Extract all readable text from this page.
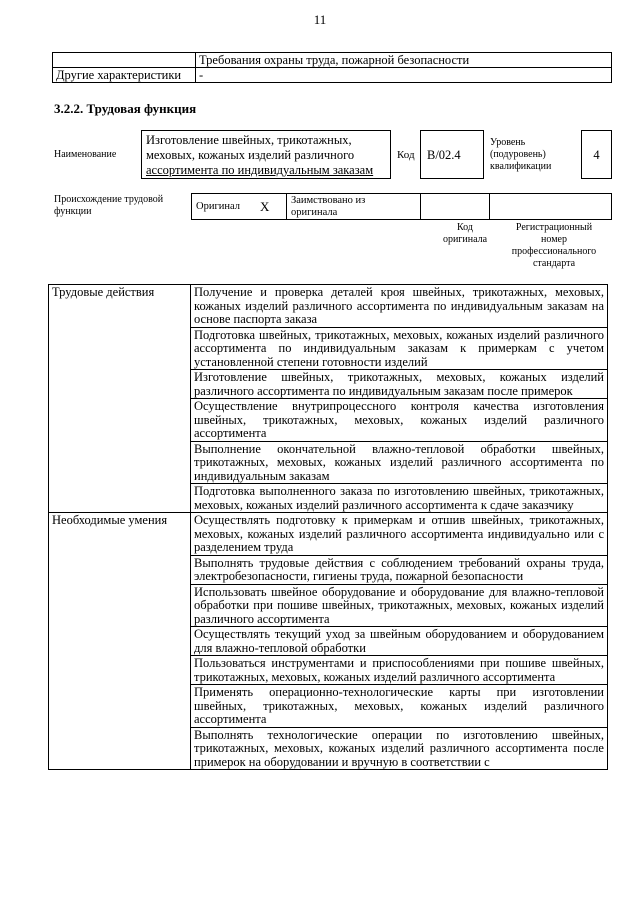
11
	Требования охраны труда, пожарной безопасности
Другие характеристики	-
3.2.2. Трудовая функция
Наименование
Изготовление швейных, трикотажных,
меховых, кожаных изделий различного
ассортимента по индивидуальным заказам
Код B/02.4
Уровень
(подуровень)
квалификации
4
Происхождение трудовой
функции	Оригинал	X	Заимствовано из
оригинала

Код
оригинала
Регистрационный
номер
профессионального
стандарта
Трудовые действия	Получение и проверка деталей кроя швейных, трикотажных, меховых, кожаных изделий различного ассортимента по индивидуальным заказам на основе паспорта заказа
	Подготовка швейных, трикотажных, меховых, кожаных изделий различного ассортимента по индивидуальным заказам к примеркам с учетом установленной степени готовности изделий
	Изготовление швейных, трикотажных, меховых, кожаных изделий различного ассортимента по индивидуальным заказам после примерок
	Осуществление внутрипроцессного контроля качества изготовления швейных, трикотажных, меховых, кожаных изделий различного ассортимента
	Выполнение окончательной влажно-тепловой обработки швейных, трикотажных, меховых, кожаных изделий различного ассортимента по индивидуальным заказам
	Подготовка выполненного заказа по изготовлению швейных, трикотажных, меховых, кожаных изделий различного ассортимента к сдаче заказчику
Необходимые умения	Осуществлять подготовку к примеркам и отшив швейных, трикотажных, меховых, кожаных изделий различного ассортимента индивидуально или с разделением труда
	Выполнять трудовые действия с соблюдением требований охраны труда, электробезопасности, гигиены труда, пожарной безопасности
	Использовать швейное оборудование и оборудование для влажно-тепловой обработки при пошиве швейных, трикотажных, меховых, кожаных изделий различного ассортимента
	Осуществлять текущий уход за швейным оборудованием и оборудованием для влажно-тепловой обработки
	Пользоваться инструментами и приспособлениями при пошиве швейных, трикотажных, меховых, кожаных изделий различного ассортимента
	Применять операционно-технологические карты при изготовлении швейных, трикотажных, меховых, кожаных изделий различного ассортимента
	Выполнять технологические операции по изготовлению швейных, трикотажных, меховых, кожаных изделий различного ассортимента после примерок на оборудовании и вручную в соответствии с
